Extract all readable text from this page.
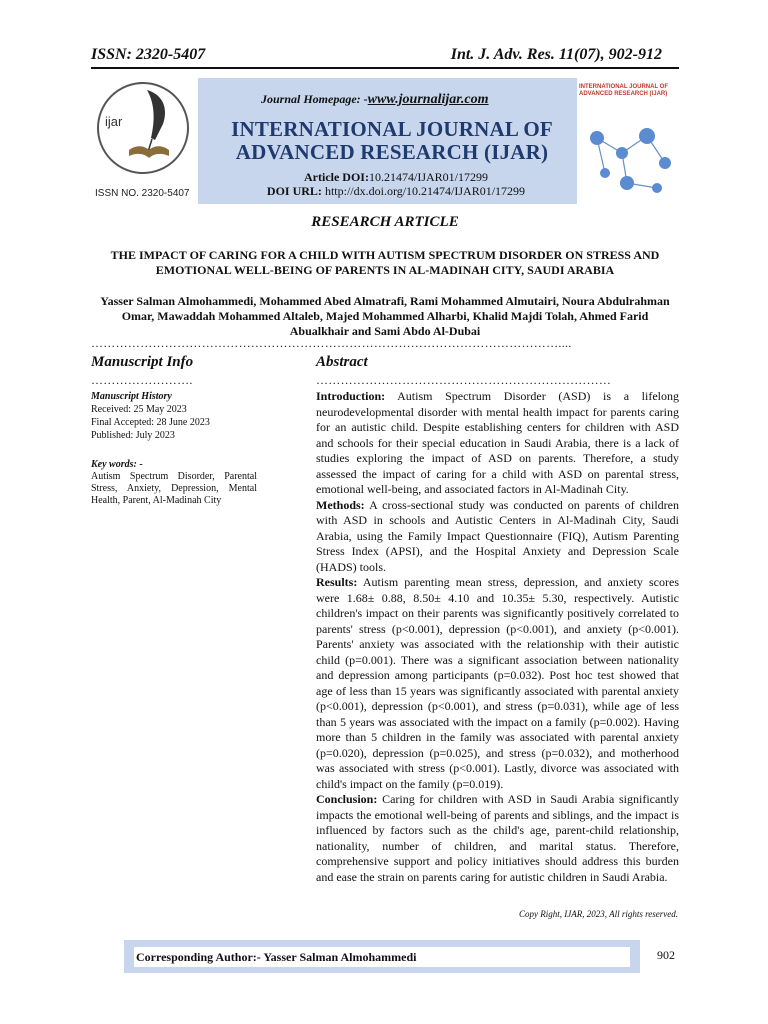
ISSN: 2320-5407	Int. J. Adv. Res. 11(07), 902-912
ijar
ISSN NO. 2320-5407
Journal Homepage: -www.journalijar.com
INTERNATIONAL JOURNAL OF
ADVANCED RESEARCH (IJAR)
Article DOI:10.21474/IJAR01/17299
DOI URL: http://dx.doi.org/10.21474/IJAR01/17299
INTERNATIONAL JOURNAL OF ADVANCED RESEARCH (IJAR)
RESEARCH ARTICLE
THE IMPACT OF CARING FOR A CHILD WITH AUTISM SPECTRUM DISORDER ON STRESS AND EMOTIONAL WELL-BEING OF PARENTS IN AL-MADINAH CITY, SAUDI ARABIA
Yasser Salman Almohammedi, Mohammed Abed Almatrafi, Rami Mohammed Almutairi, Noura Abdulrahman Omar, Mawaddah Mohammed Altaleb, Majed Mohammed Alharbi, Khalid Majdi Tolah, Ahmed Farid Abualkhair and Sami Abdo Al-Dubai
……………………………………………………………………………………………………....
Manuscript Info
…………………….
Manuscript History
Received: 25 May 2023
Final Accepted: 28 June 2023
Published: July 2023
Key words: -
Autism Spectrum Disorder, Parental Stress, Anxiety, Depression, Mental Health, Parent, Al-Madinah City
Abstract
………………………………………………………………

Introduction: Autism Spectrum Disorder (ASD) is a lifelong neurodevelopmental disorder with mental health impact for parents caring for an autistic child. Despite establishing centers for children with ASD and schools for their special education in Saudi Arabia, there is a lack of studies exploring the impact of ASD on parents. Therefore, a study assessed the impact of caring for a child with ASD on parental stress, emotional well-being, and associated factors in Al-Madinah City.

Methods: A cross-sectional study was conducted on parents of children with ASD in schools and Autistic Centers in Al-Madinah City, Saudi Arabia, using the Family Impact Questionnaire (FIQ), Autism Parenting Stress Index (APSI), and the Hospital Anxiety and Depression Scale (HADS) tools.

Results: Autism parenting mean stress, depression, and anxiety scores were 1.68± 0.88, 8.50± 4.10 and 10.35± 5.30, respectively. Autistic children's impact on their parents was significantly positively correlated to parents' stress (p<0.001), depression (p<0.001), and anxiety (p<0.001). Parents' anxiety was associated with the relationship with their autistic child (p=0.001). There was a significant association between nationality and depression among participants (p=0.032). Post hoc test showed that age of less than 15 years was significantly associated with parental anxiety (p<0.001), depression (p<0.001), and stress (p=0.031), while age of less than 5 years was associated with the impact on a family (p=0.002). Having more than 5 children in the family was associated with parental anxiety (p=0.020), depression (p=0.025), and stress (p=0.032), and motherhood was associated with stress (p<0.001). Lastly, divorce was associated with child's impact on the family (p=0.019).

Conclusion: Caring for children with ASD in Saudi Arabia significantly impacts the emotional well-being of parents and siblings, and the impact is influenced by factors such as the child's age, parent-child relationship, nationality, number of children, and marital status. Therefore, comprehensive support and policy initiatives should address this burden and ease the strain on parents caring for autistic children in Saudi Arabia.

Copy Right, IJAR, 2023, All rights reserved.
Corresponding Author:- Yasser Salman Almohammedi	902
